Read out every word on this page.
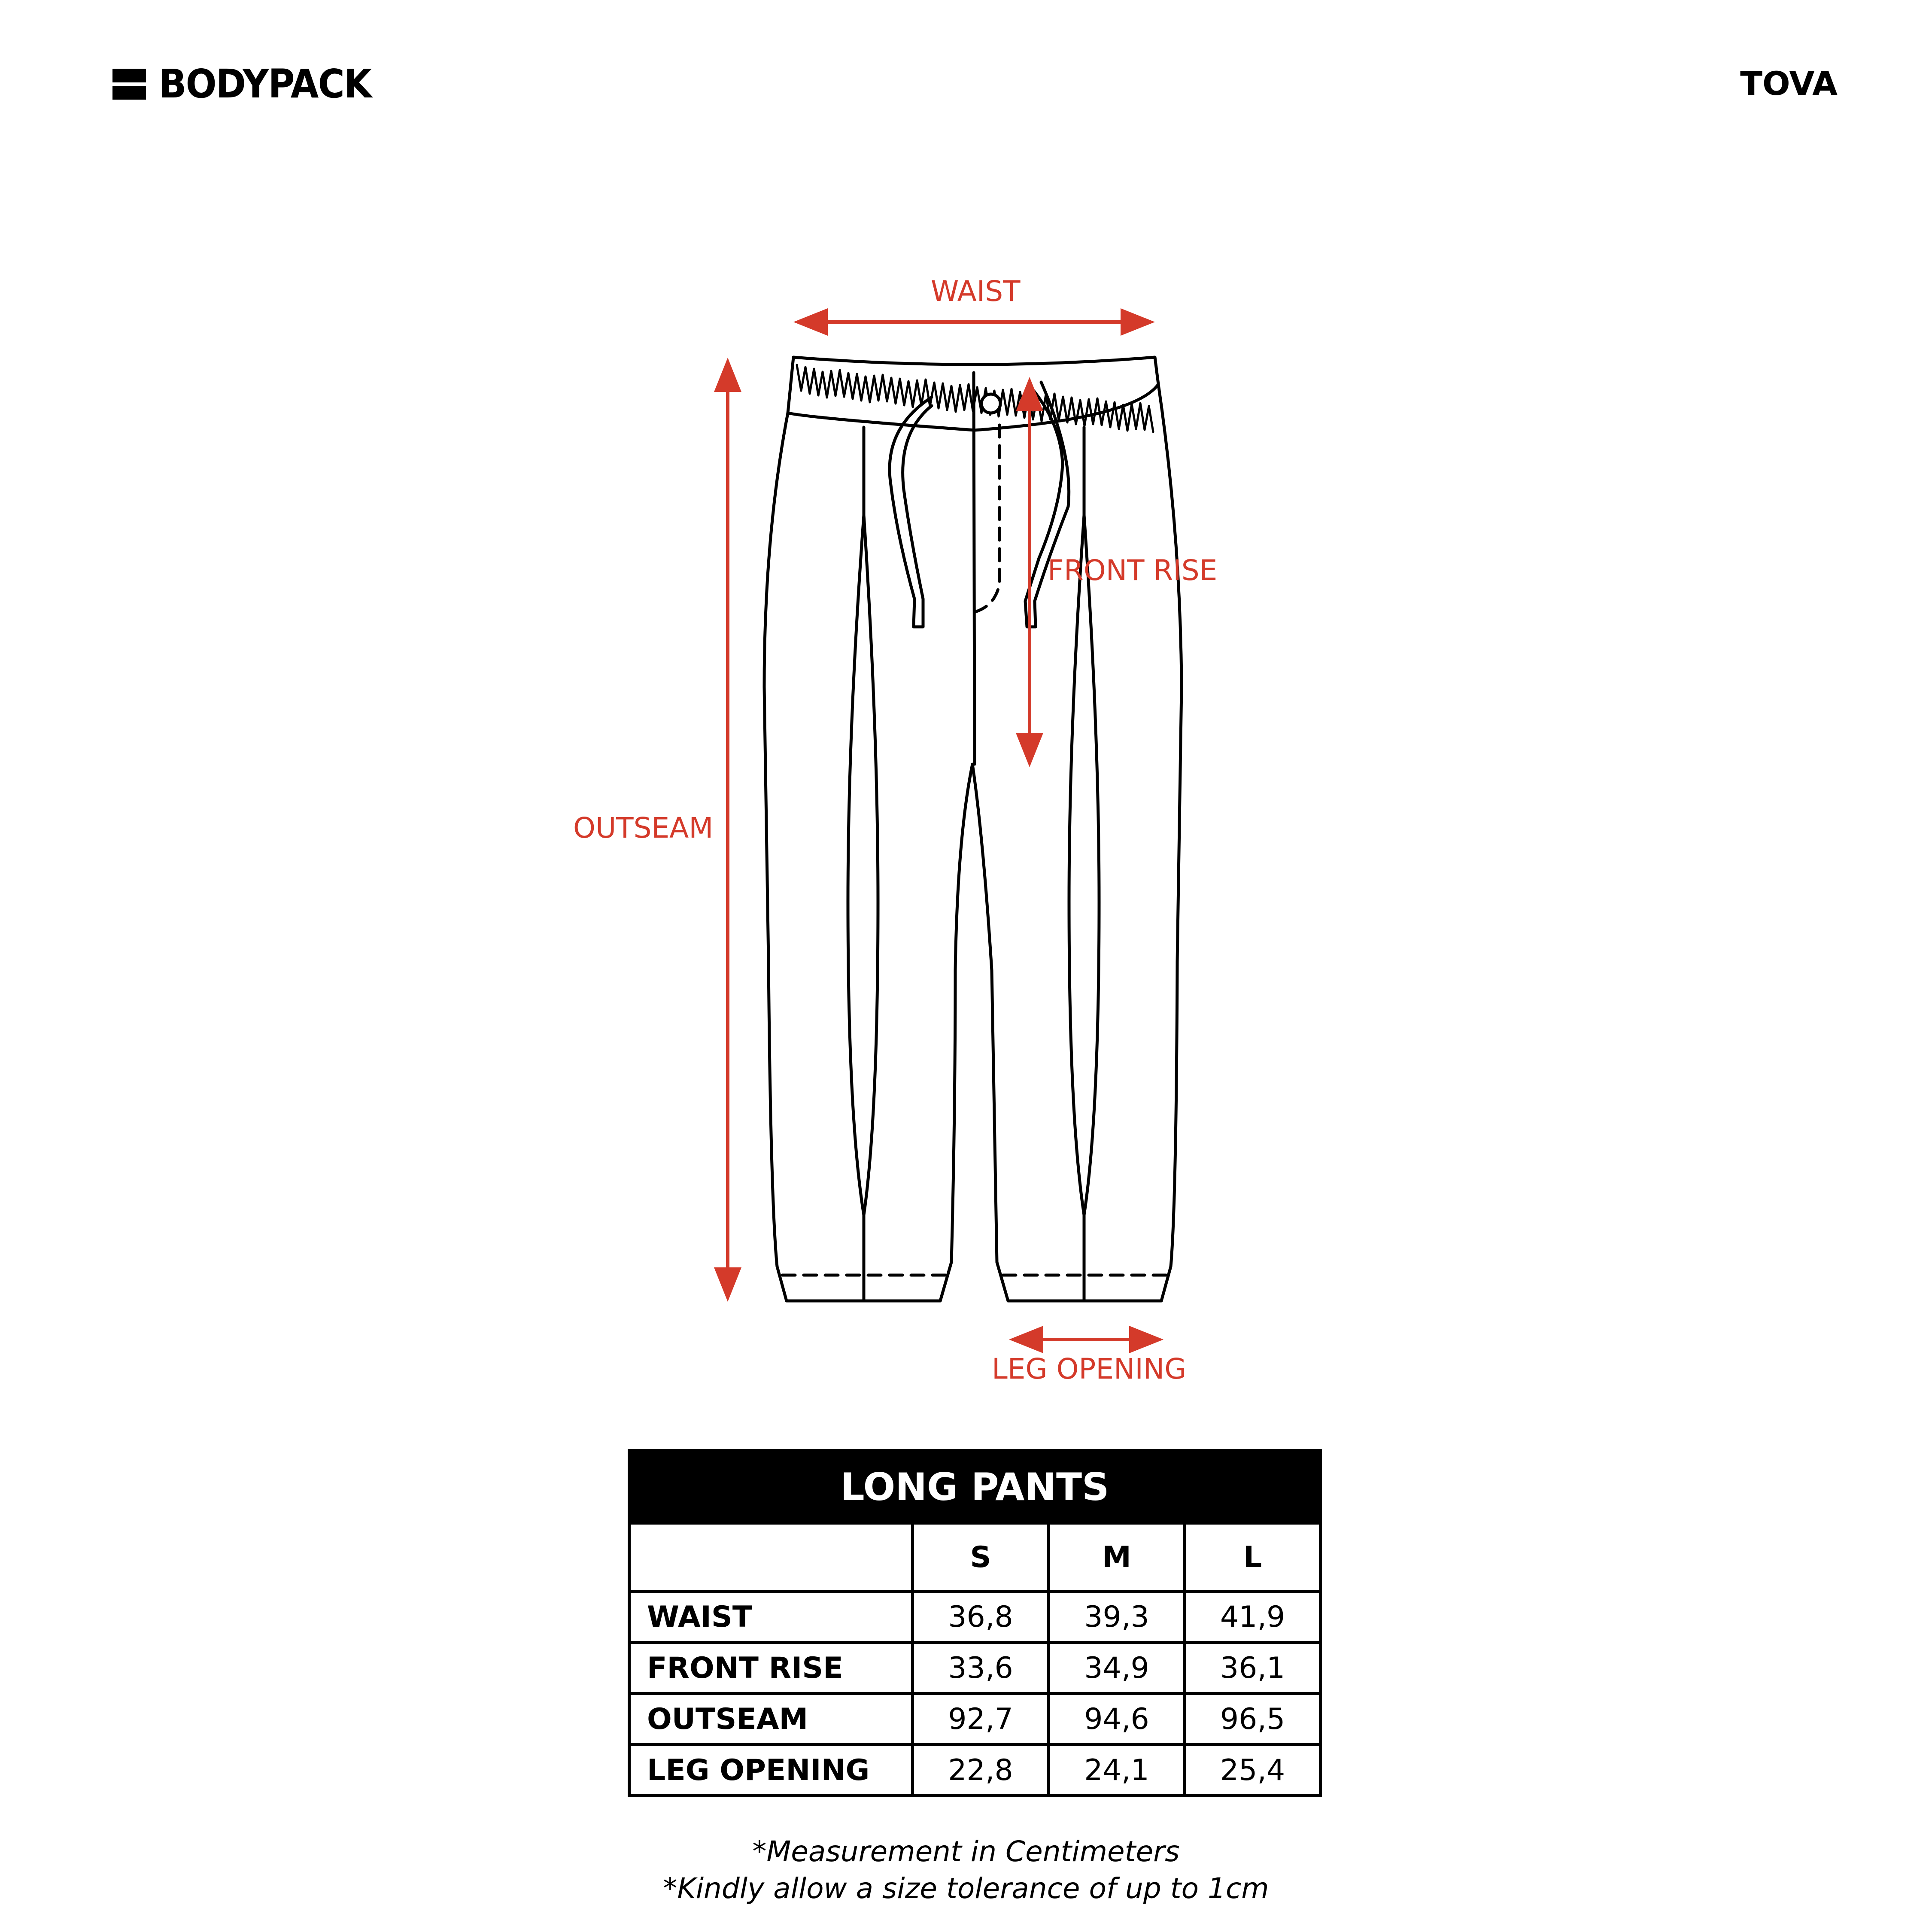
BODYPACK	TOVA
WAIST
FRONT RISE
OUTSEAM
LEG OPENING
LONG PANTS			
	S	M	L
WAIST	36,8	39,3	41,9
FRONT RISE	33,6	34,9	36,1
OUTSEAM	92,7	94,6	96,5
LEG OPENING	22,8	24,1	25,4
*Measurement in Centimeters
*Kindly allow a size tolerance of up to 1cm
